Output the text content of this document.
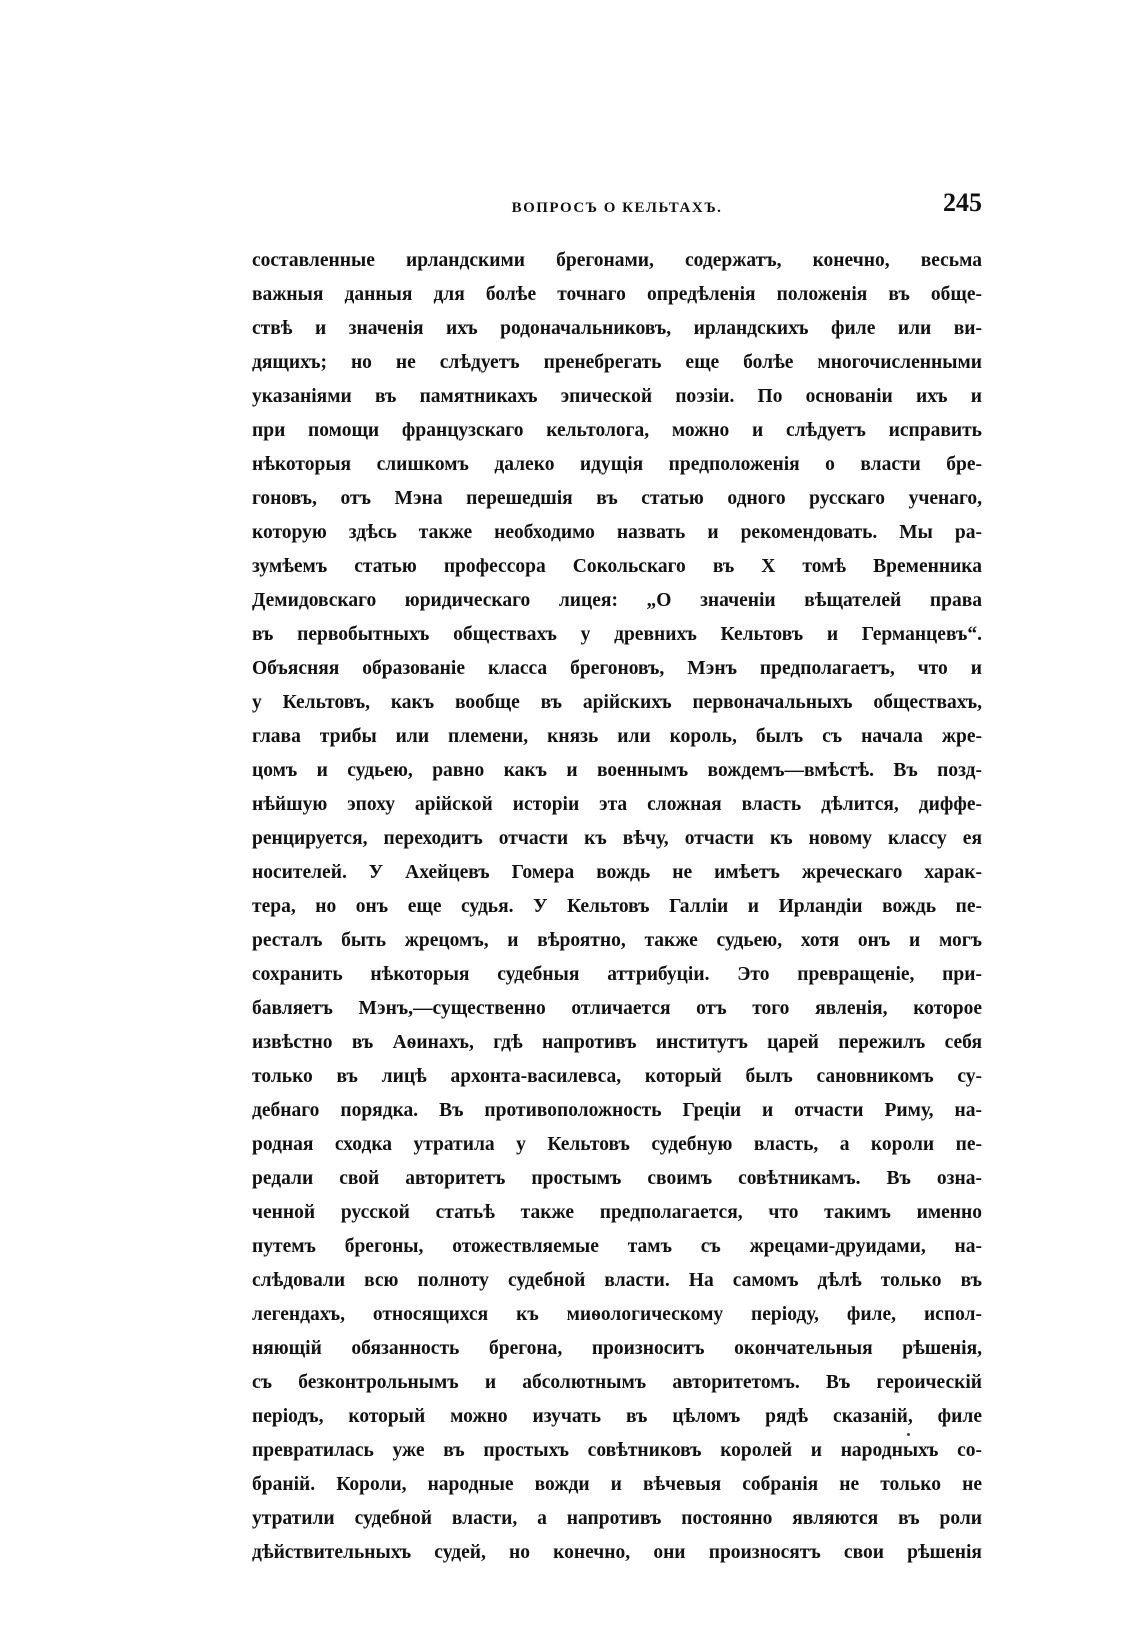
ВОПРОСЪ О КЕЛЬТАХЪ.	245
составленные ирландскими брегонами, содержатъ, конечно, весьма
важныя данныя для болѣе точнаго опредѣленія положенія въ обще-
ствѣ и значенія ихъ родоначальниковъ, ирландскихъ филе или ви-
дящихъ; но не слѣдуетъ пренебрегать еще болѣе многочисленными
указаніями въ памятникахъ эпической поэзіи. По основаніи ихъ и
при помощи французскаго кельтолога, можно и слѣдуетъ исправить
нѣкоторыя слишкомъ далеко идущія предположенія о власти бре-
гоновъ, отъ Мэна перешедшія въ статью одного русскаго ученаго,
которую здѣсь также необходимо назвать и рекомендовать. Мы ра-
зумѣемъ статью профессора Сокольскаго въ X томѣ Временника
Демидовскаго юридическаго лицея: „О значеніи вѣщателей права
въ первобытныхъ обществахъ у древнихъ Кельтовъ и Германцевъ“.
Объясняя образованіе класса брегоновъ, Мэнъ предполагаетъ, что и
у Кельтовъ, какъ вообще въ арійскихъ первоначальныхъ обществахъ,
глава трибы или племени, князь или король, былъ съ начала жре-
цомъ и судьею, равно какъ и военнымъ вождемъ—вмѣстѣ. Въ позд-
нѣйшую эпоху арійской исторіи эта сложная власть дѣлится, диффе-
ренцируется, переходитъ отчасти къ вѣчу, отчасти къ новому классу ея
носителей. У Ахейцевъ Гомера вождь не имѣетъ жреческаго харак-
тера, но онъ еще судья. У Кельтовъ Галліи и Ирландіи вождь пе-
ресталъ быть жрецомъ, и вѣроятно, также судьею, хотя онъ и могъ
сохранить нѣкоторыя судебныя аттрибуціи. Это превращеніе, при-
бавляетъ Мэнъ,—существенно отличается отъ того явленія, которое
извѣстно въ Аѳинахъ, гдѣ напротивъ институтъ царей пережилъ себя
только въ лицѣ архонта-василевса, который былъ сановникомъ су-
дебнаго порядка. Въ противоположность Греціи и отчасти Риму, на-
родная сходка утратила у Кельтовъ судебную власть, а короли пе-
редали свой авторитетъ простымъ своимъ совѣтникамъ. Въ озна-
ченной русской статьѣ также предполагается, что такимъ именно
путемъ брегоны, отожествляемые тамъ съ жрецами-друидами, на-
слѣдовали всю полноту судебной власти. На самомъ дѣлѣ только въ
легендахъ, относящихся къ миѳологическому періоду, филе, испол-
няющій обязанность брегона, произноситъ окончательныя рѣшенія,
съ безконтрольнымъ и абсолютнымъ авторитетомъ. Въ героическій
періодъ, который можно изучать въ цѣломъ рядѣ сказаній, филе
превратилась уже въ простыхъ совѣтниковъ королей и народныхъ со-
браній. Короли, народные вожди и вѣчевыя собранія не только не
утратили судебной власти, а напротивъ постоянно являются въ роли
дѣйствительныхъ судей, но конечно, они произносятъ свои рѣшенія
